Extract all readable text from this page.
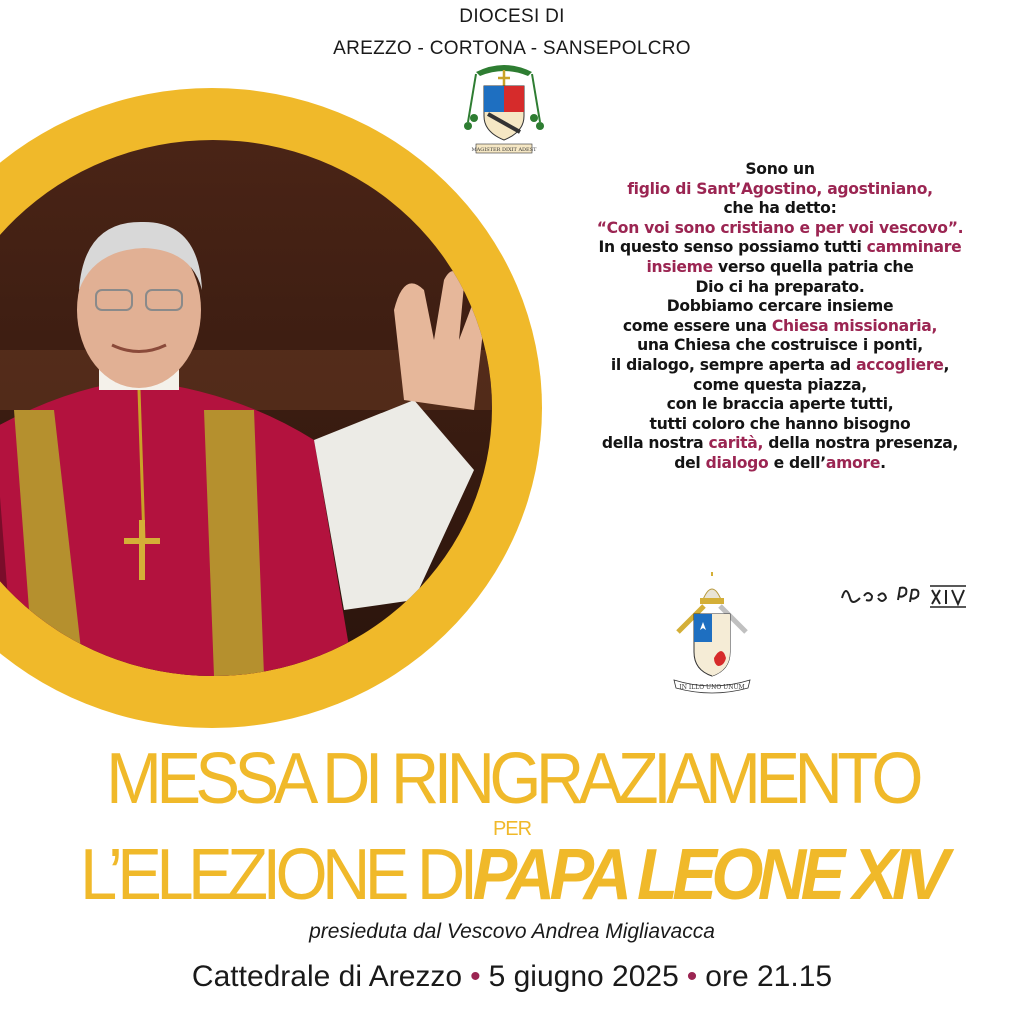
DIOCESI DI
AREZZO - CORTONA - SANSEPOLCRO
MAGISTER DIXIT ADEST
Sono un
figlio di Sant’Agostino, agostiniano,
che ha detto:
“Con voi sono cristiano e per voi vescovo”.
In questo senso possiamo tutti camminare
insieme verso quella patria che
Dio ci ha preparato.
Dobbiamo cercare insieme
come essere una Chiesa missionaria,
una Chiesa che costruisce i ponti,
il dialogo, sempre aperta ad accogliere,
come questa piazza,
con le braccia aperte tutti,
tutti coloro che hanno bisogno
della nostra carità, della nostra presenza,
del dialogo e dell’amore.
IN ILLO UNO UNUM
MESSA DI RINGRAZIAMENTO
PER
L’ELEZIONE DIPAPA LEONE XIV
presieduta dal Vescovo Andrea Migliavacca
Cattedrale di Arezzo • 5 giugno 2025 • ore 21.15
